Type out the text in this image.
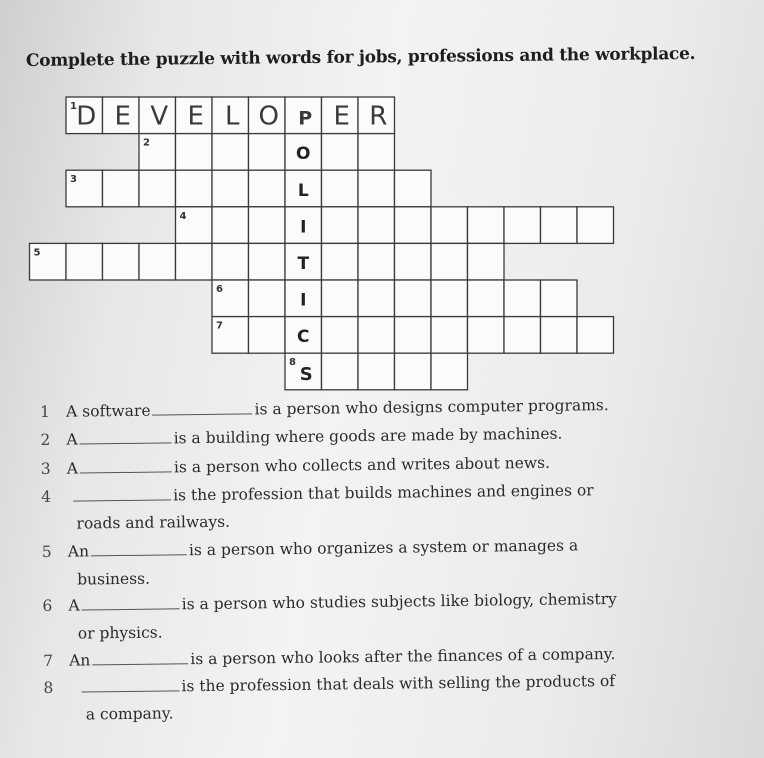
Complete the puzzle with words for jobs, professions and the workplace.
1
2
3
4
5
6
7
8
D E V E L O P E R
O
L
I
T
I
C
S
1 A software	is a person who designs computer programs.
2 A	is a building where goods are made by machines.
3 A	is a person who collects and writes about news.
4	is the profession that builds machines and engines or
roads and railways.
5 An	is a person who organizes a system or manages a
business.
6 A	is a person who studies subjects like biology, chemistry
or physics.
7 An	is a person who looks after the finances of a company.
8	is the profession that deals with selling the products of
a company.
